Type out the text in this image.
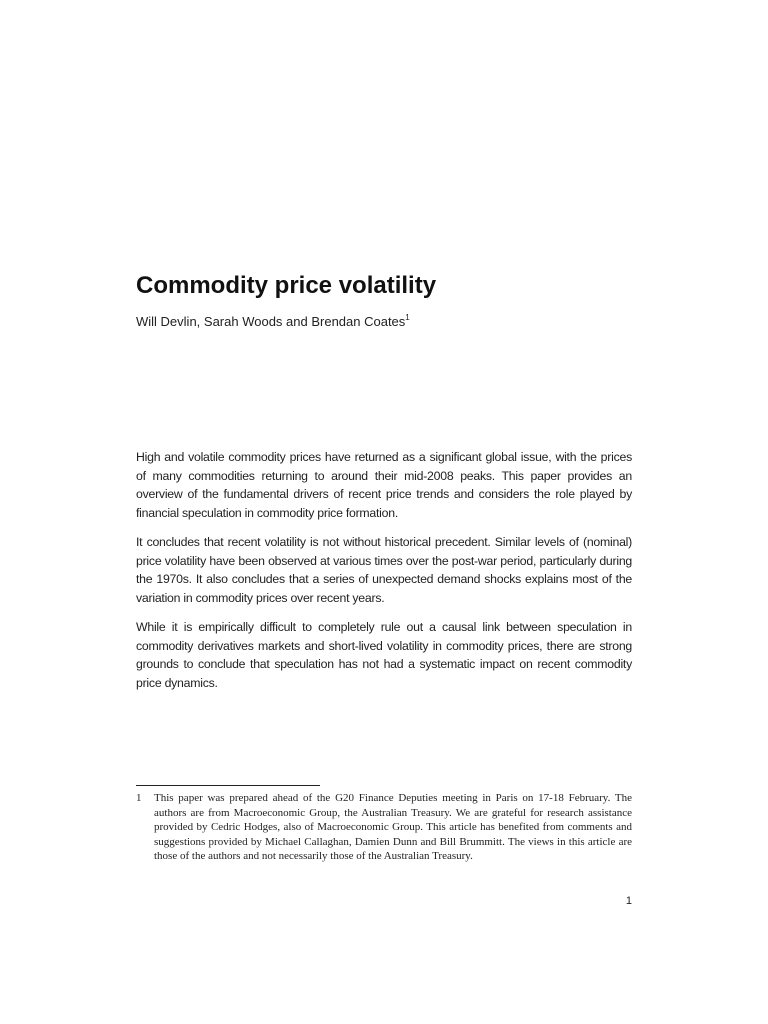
Commodity price volatility
Will Devlin, Sarah Woods and Brendan Coates$^1$

High and volatile commodity prices have returned as a significant global issue, with the prices of many commodities returning to around their mid-2008 peaks. This paper provides an overview of the fundamental drivers of recent price trends and considers the role played by financial speculation in commodity price formation.

It concludes that recent volatility is not without historical precedent. Similar levels of (nominal) price volatility have been observed at various times over the post-war period, particularly during the 1970s. It also concludes that a series of unexpected demand shocks explains most of the variation in commodity prices over recent years.

While it is empirically difficult to completely rule out a causal link between speculation in commodity derivatives markets and short-lived volatility in commodity prices, there are strong grounds to conclude that speculation has not had a systematic impact on recent commodity price dynamics.

1	This paper was prepared ahead of the G20 Finance Deputies meeting in Paris on 17-18 February. The authors are from Macroeconomic Group, the Australian Treasury. We are grateful for research assistance provided by Cedric Hodges, also of Macroeconomic Group. This article has benefited from comments and suggestions provided by Michael Callaghan, Damien Dunn and Bill Brummitt. The views in this article are those of the authors and not necessarily those of the Australian Treasury.
1
